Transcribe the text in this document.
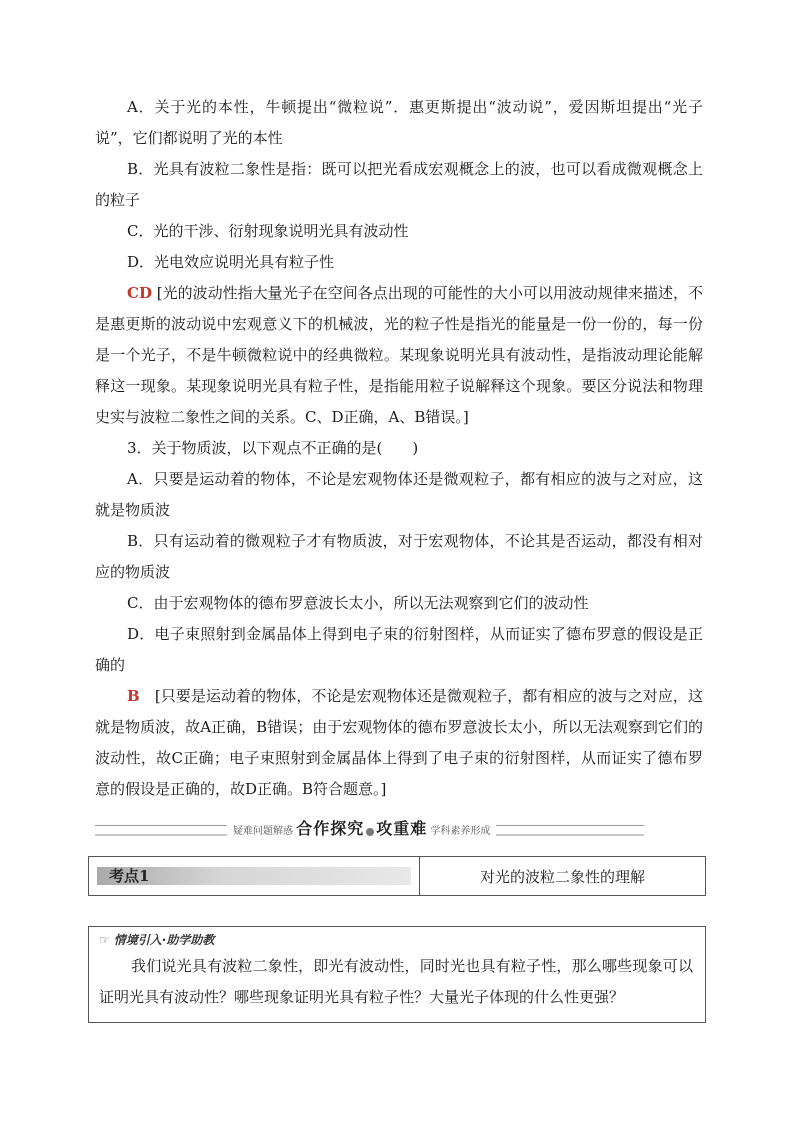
A．关于光的本性，牛顿提出“微粒说”．惠更斯提出“波动说”，爱因斯坦提出“光子说”，它们都说明了光的本性

B．光具有波粒二象性是指：既可以把光看成宏观概念上的波，也可以看成微观概念上的粒子

C．光的干涉、衍射现象说明光具有波动性

D．光电效应说明光具有粒子性

CD [光的波动性指大量光子在空间各点出现的可能性的大小可以用波动规律来描述，不是惠更斯的波动说中宏观意义下的机械波，光的粒子性是指光的能量是一份一份的，每一份是一个光子，不是牛顿微粒说中的经典微粒。某现象说明光具有波动性，是指波动理论能解释这一现象。某现象说明光具有粒子性，是指能用粒子说解释这个现象。要区分说法和物理史实与波粒二象性之间的关系。C、D正确，A、B错误。]

3．关于物质波，以下观点不正确的是(　　)

A．只要是运动着的物体，不论是宏观物体还是微观粒子，都有相应的波与之对应，这就是物质波

B．只有运动着的微观粒子才有物质波，对于宏观物体，不论其是否运动，都没有相对应的物质波

C．由于宏观物体的德布罗意波长太小，所以无法观察到它们的波动性

D．电子束照射到金属晶体上得到电子束的衍射图样，从而证实了德布罗意的假设是正确的

B　[只要是运动着的物体，不论是宏观物体还是微观粒子，都有相应的波与之对应，这就是物质波，故A正确，B错误；由于宏观物体的德布罗意波长太小，所以无法观察到它们的波动性，故C正确；电子束照射到金属晶体上得到了电子束的衍射图样，从而证实了德布罗意的假设是正确的，故D正确。B符合题意。]

疑难问题解惑 合作探究 攻重难 学科素养形成
考点1	对光的波粒二象性的理解
☞ 情境引入·助学助教

我们说光具有波粒二象性，即光有波动性，同时光也具有粒子性，那么哪些现象可以证明光具有波动性？哪些现象证明光具有粒子性？大量光子体现的什么性更强？
